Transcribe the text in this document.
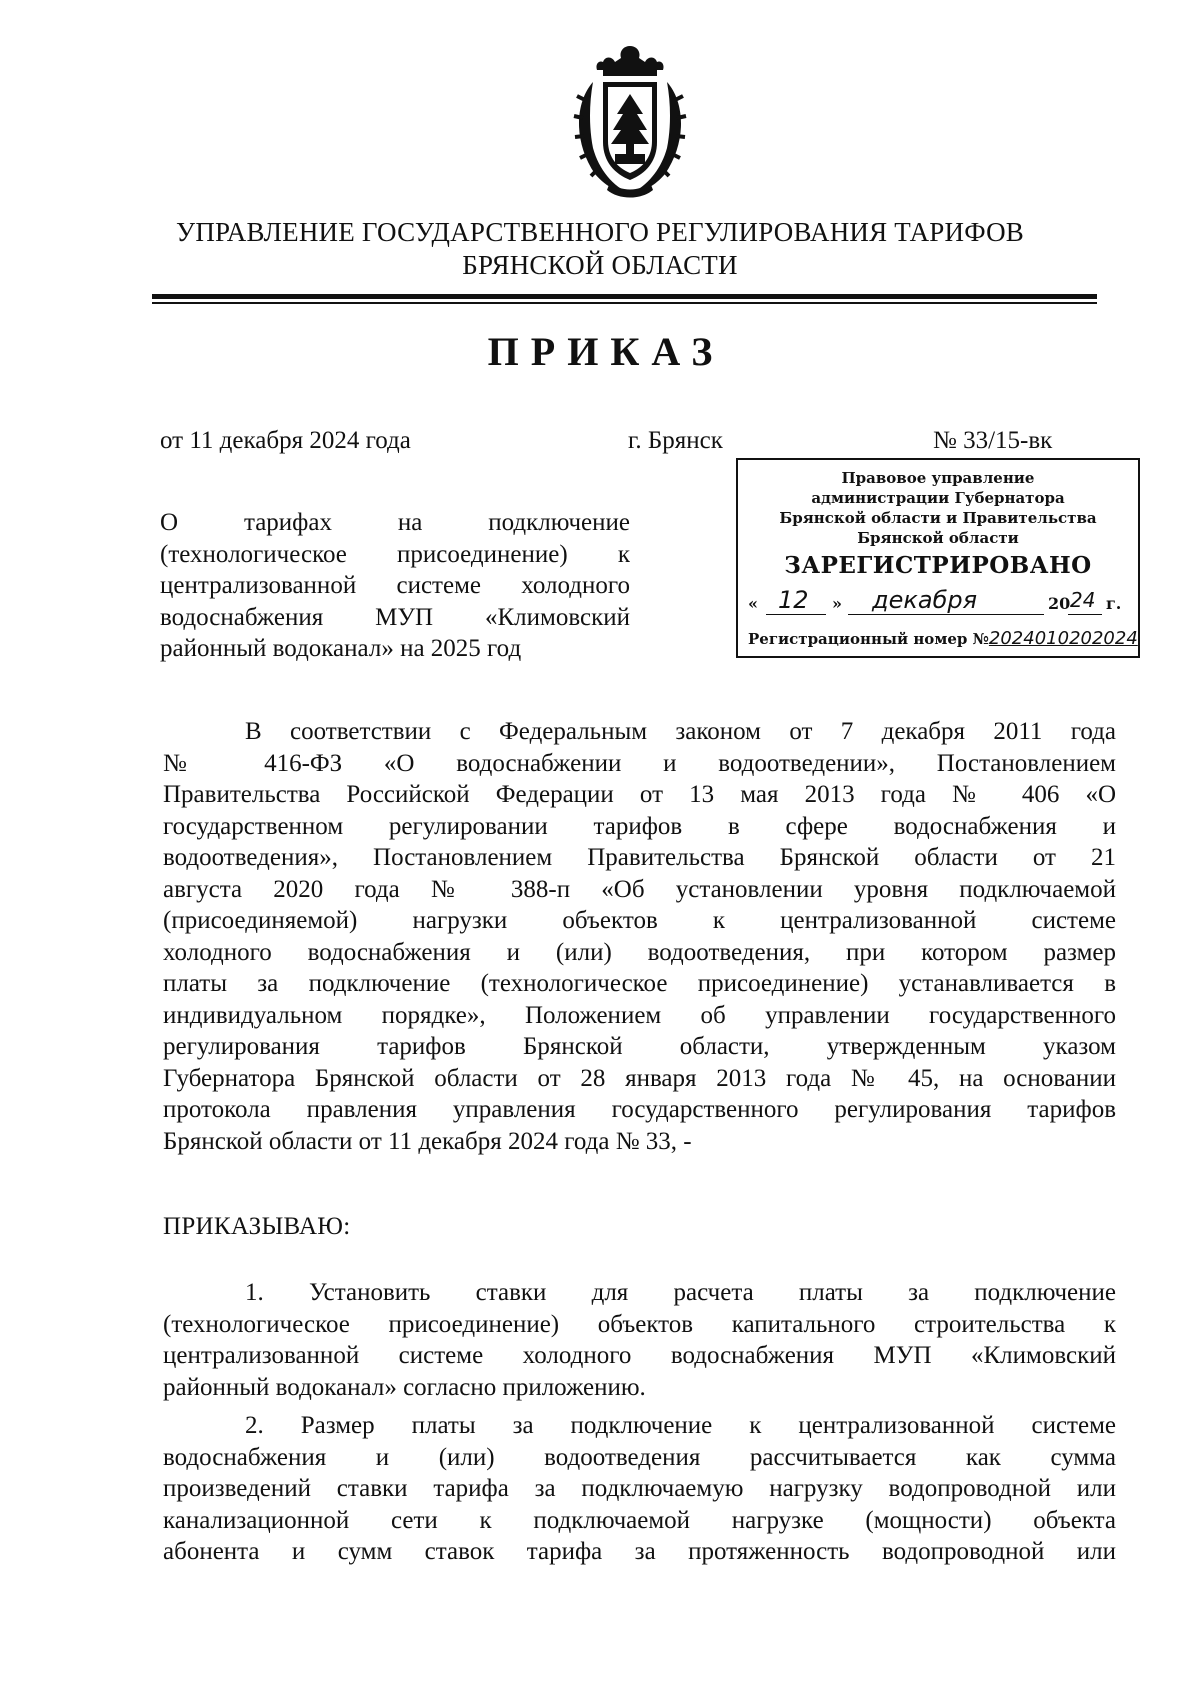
УПРАВЛЕНИЕ ГОСУДАРСТВЕННОГО РЕГУЛИРОВАНИЯ ТАРИФОВ
БРЯНСКОЙ ОБЛАСТИ
ПРИКАЗ
от 11 декабря 2024 года	г. Брянск	№ 33/15-вк
О тарифах на подключение
(технологическое присоединение) к
централизованной системе холодного
водоснабжения МУП «Климовский
районный водоканал» на 2025 год
Правовое управление
администрации Губернатора
Брянской области и Правительства
Брянской области
ЗАРЕГИСТРИРОВАНО
« 12 » декабря	20 24 г.
Регистрационный номер №2024010202024
В соответствии с Федеральным законом от 7 декабря 2011 года
№ 416-ФЗ «О водоснабжении и водоотведении», Постановлением
Правительства Российской Федерации от 13 мая 2013 года № 406 «О
государственном регулировании тарифов в сфере водоснабжения и
водоотведения», Постановлением Правительства Брянской области от 21
августа 2020 года № 388-п «Об установлении уровня подключаемой
(присоединяемой) нагрузки объектов к централизованной системе
холодного водоснабжения и (или) водоотведения, при котором размер
платы за подключение (технологическое присоединение) устанавливается в
индивидуальном порядке», Положением об управлении государственного
регулирования тарифов Брянской области, утвержденным указом
Губернатора Брянской области от 28 января 2013 года № 45, на основании
протокола правления управления государственного регулирования тарифов
Брянской области от 11 декабря 2024 года № 33, -
ПРИКАЗЫВАЮ:
1. Установить ставки для расчета платы за подключение
(технологическое присоединение) объектов капитального строительства к
централизованной системе холодного водоснабжения МУП «Климовский
районный водоканал» согласно приложению.
2. Размер платы за подключение к централизованной системе
водоснабжения и (или) водоотведения рассчитывается как сумма
произведений ставки тарифа за подключаемую нагрузку водопроводной или
канализационной сети к подключаемой нагрузке (мощности) объекта
абонента и сумм ставок тарифа за протяженность водопроводной или
